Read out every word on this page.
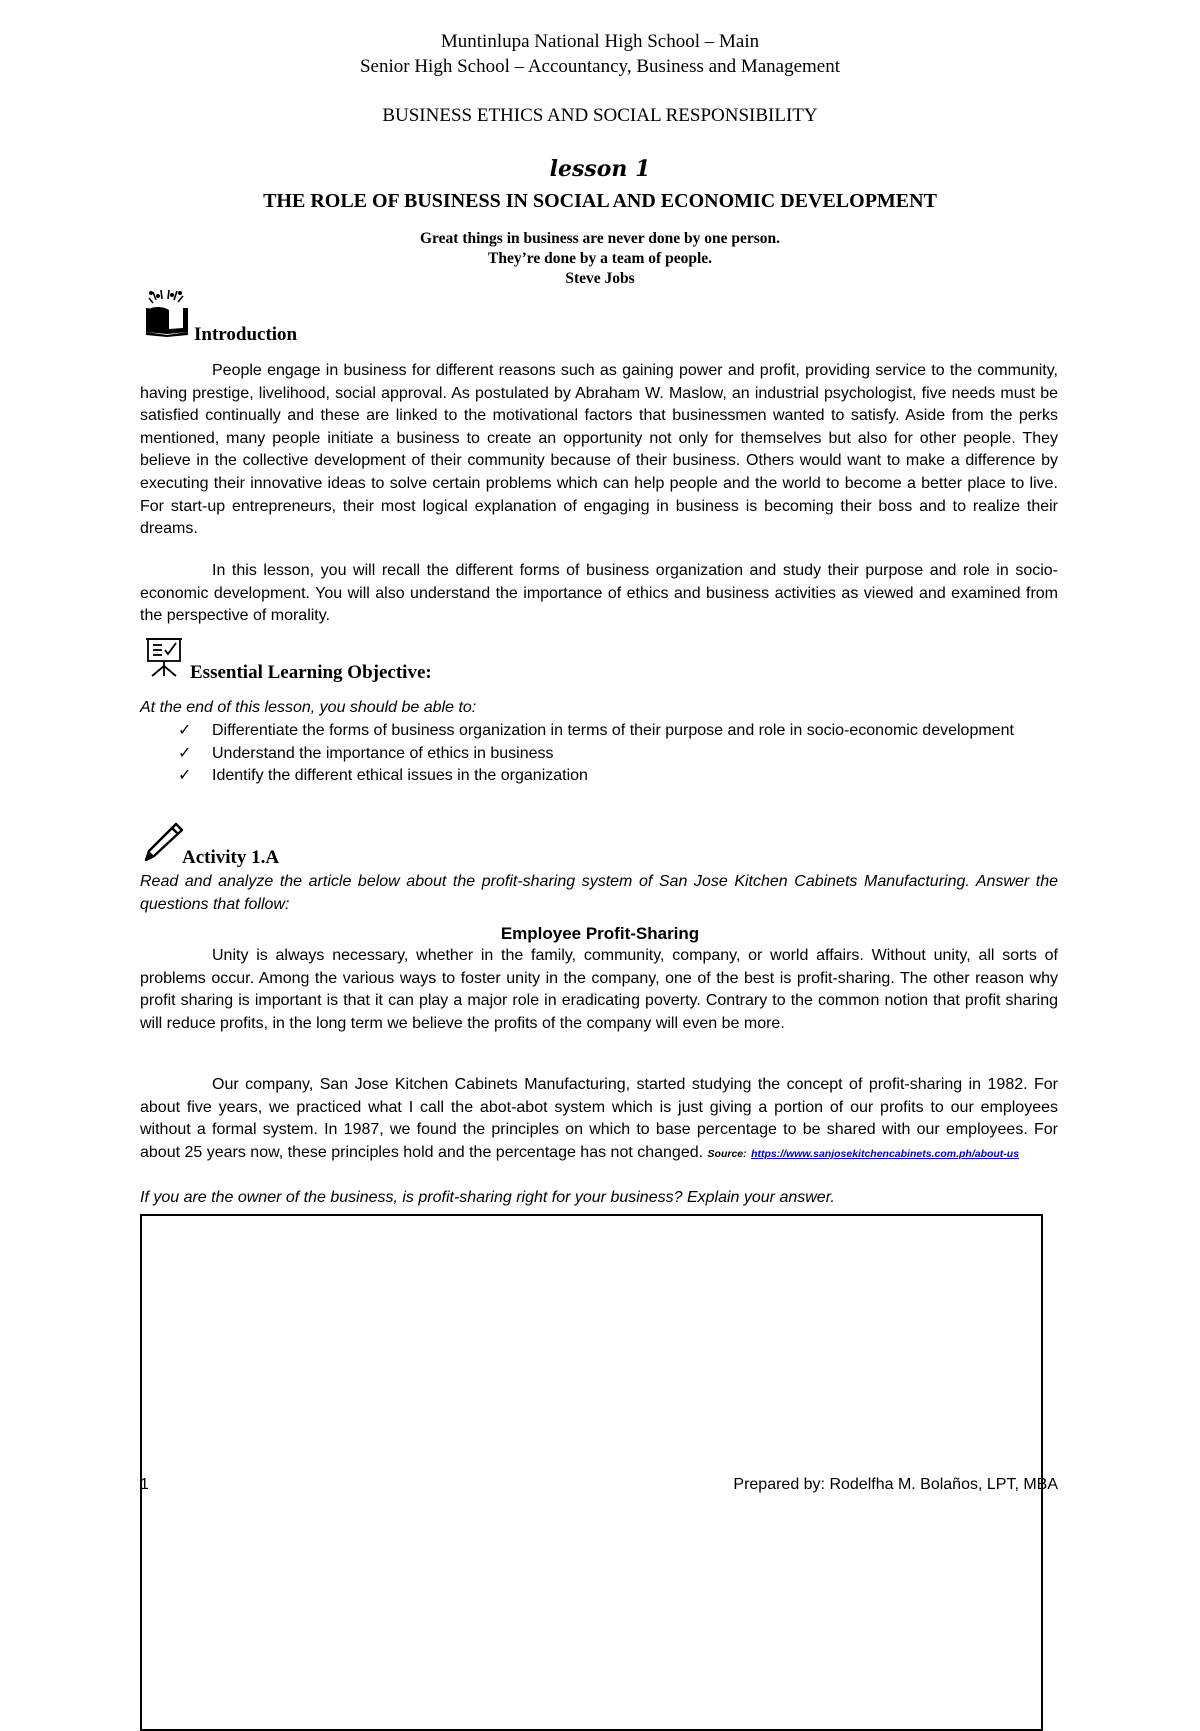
Muntinlupa National High School – Main
Senior High School – Accountancy, Business and Management
BUSINESS ETHICS AND SOCIAL RESPONSIBILITY
lesson 1
THE ROLE OF BUSINESS IN SOCIAL AND ECONOMIC DEVELOPMENT
Great things in business are never done by one person.
They’re done by a team of people.
Steve Jobs
Introduction
People engage in business for different reasons such as gaining power and profit, providing service to the community, having prestige, livelihood, social approval. As postulated by Abraham W. Maslow, an industrial psychologist, five needs must be satisfied continually and these are linked to the motivational factors that businessmen wanted to satisfy. Aside from the perks mentioned, many people initiate a business to create an opportunity not only for themselves but also for other people. They believe in the collective development of their community because of their business. Others would want to make a difference by executing their innovative ideas to solve certain problems which can help people and the world to become a better place to live. For start-up entrepreneurs, their most logical explanation of engaging in business is becoming their boss and to realize their dreams.
In this lesson, you will recall the different forms of business organization and study their purpose and role in socio-economic development. You will also understand the importance of ethics and business activities as viewed and examined from the perspective of morality.
Essential Learning Objective:
At the end of this lesson, you should be able to:
✓ Differentiate the forms of business organization in terms of their purpose and role in socio-economic development
✓ Understand the importance of ethics in business
✓ Identify the different ethical issues in the organization
Activity 1.A
Read and analyze the article below about the profit-sharing system of San Jose Kitchen Cabinets Manufacturing. Answer the questions that follow:
Employee Profit-Sharing
Unity is always necessary, whether in the family, community, company, or world affairs. Without unity, all sorts of problems occur. Among the various ways to foster unity in the company, one of the best is profit-sharing. The other reason why profit sharing is important is that it can play a major role in eradicating poverty. Contrary to the common notion that profit sharing will reduce profits, in the long term we believe the profits of the company will even be more.
Our company, San Jose Kitchen Cabinets Manufacturing, started studying the concept of profit-sharing in 1982. For about five years, we practiced what I call the abot-abot system which is just giving a portion of our profits to our employees without a formal system. In 1987, we found the principles on which to base percentage to be shared with our employees. For about 25 years now, these principles hold and the percentage has not changed. Source: https://www.sanjosekitchencabinets.com.ph/about-us
If you are the owner of the business, is profit-sharing right for your business? Explain your answer.
1	Prepared by: Rodelfha M. Bolaños, LPT, MBA
